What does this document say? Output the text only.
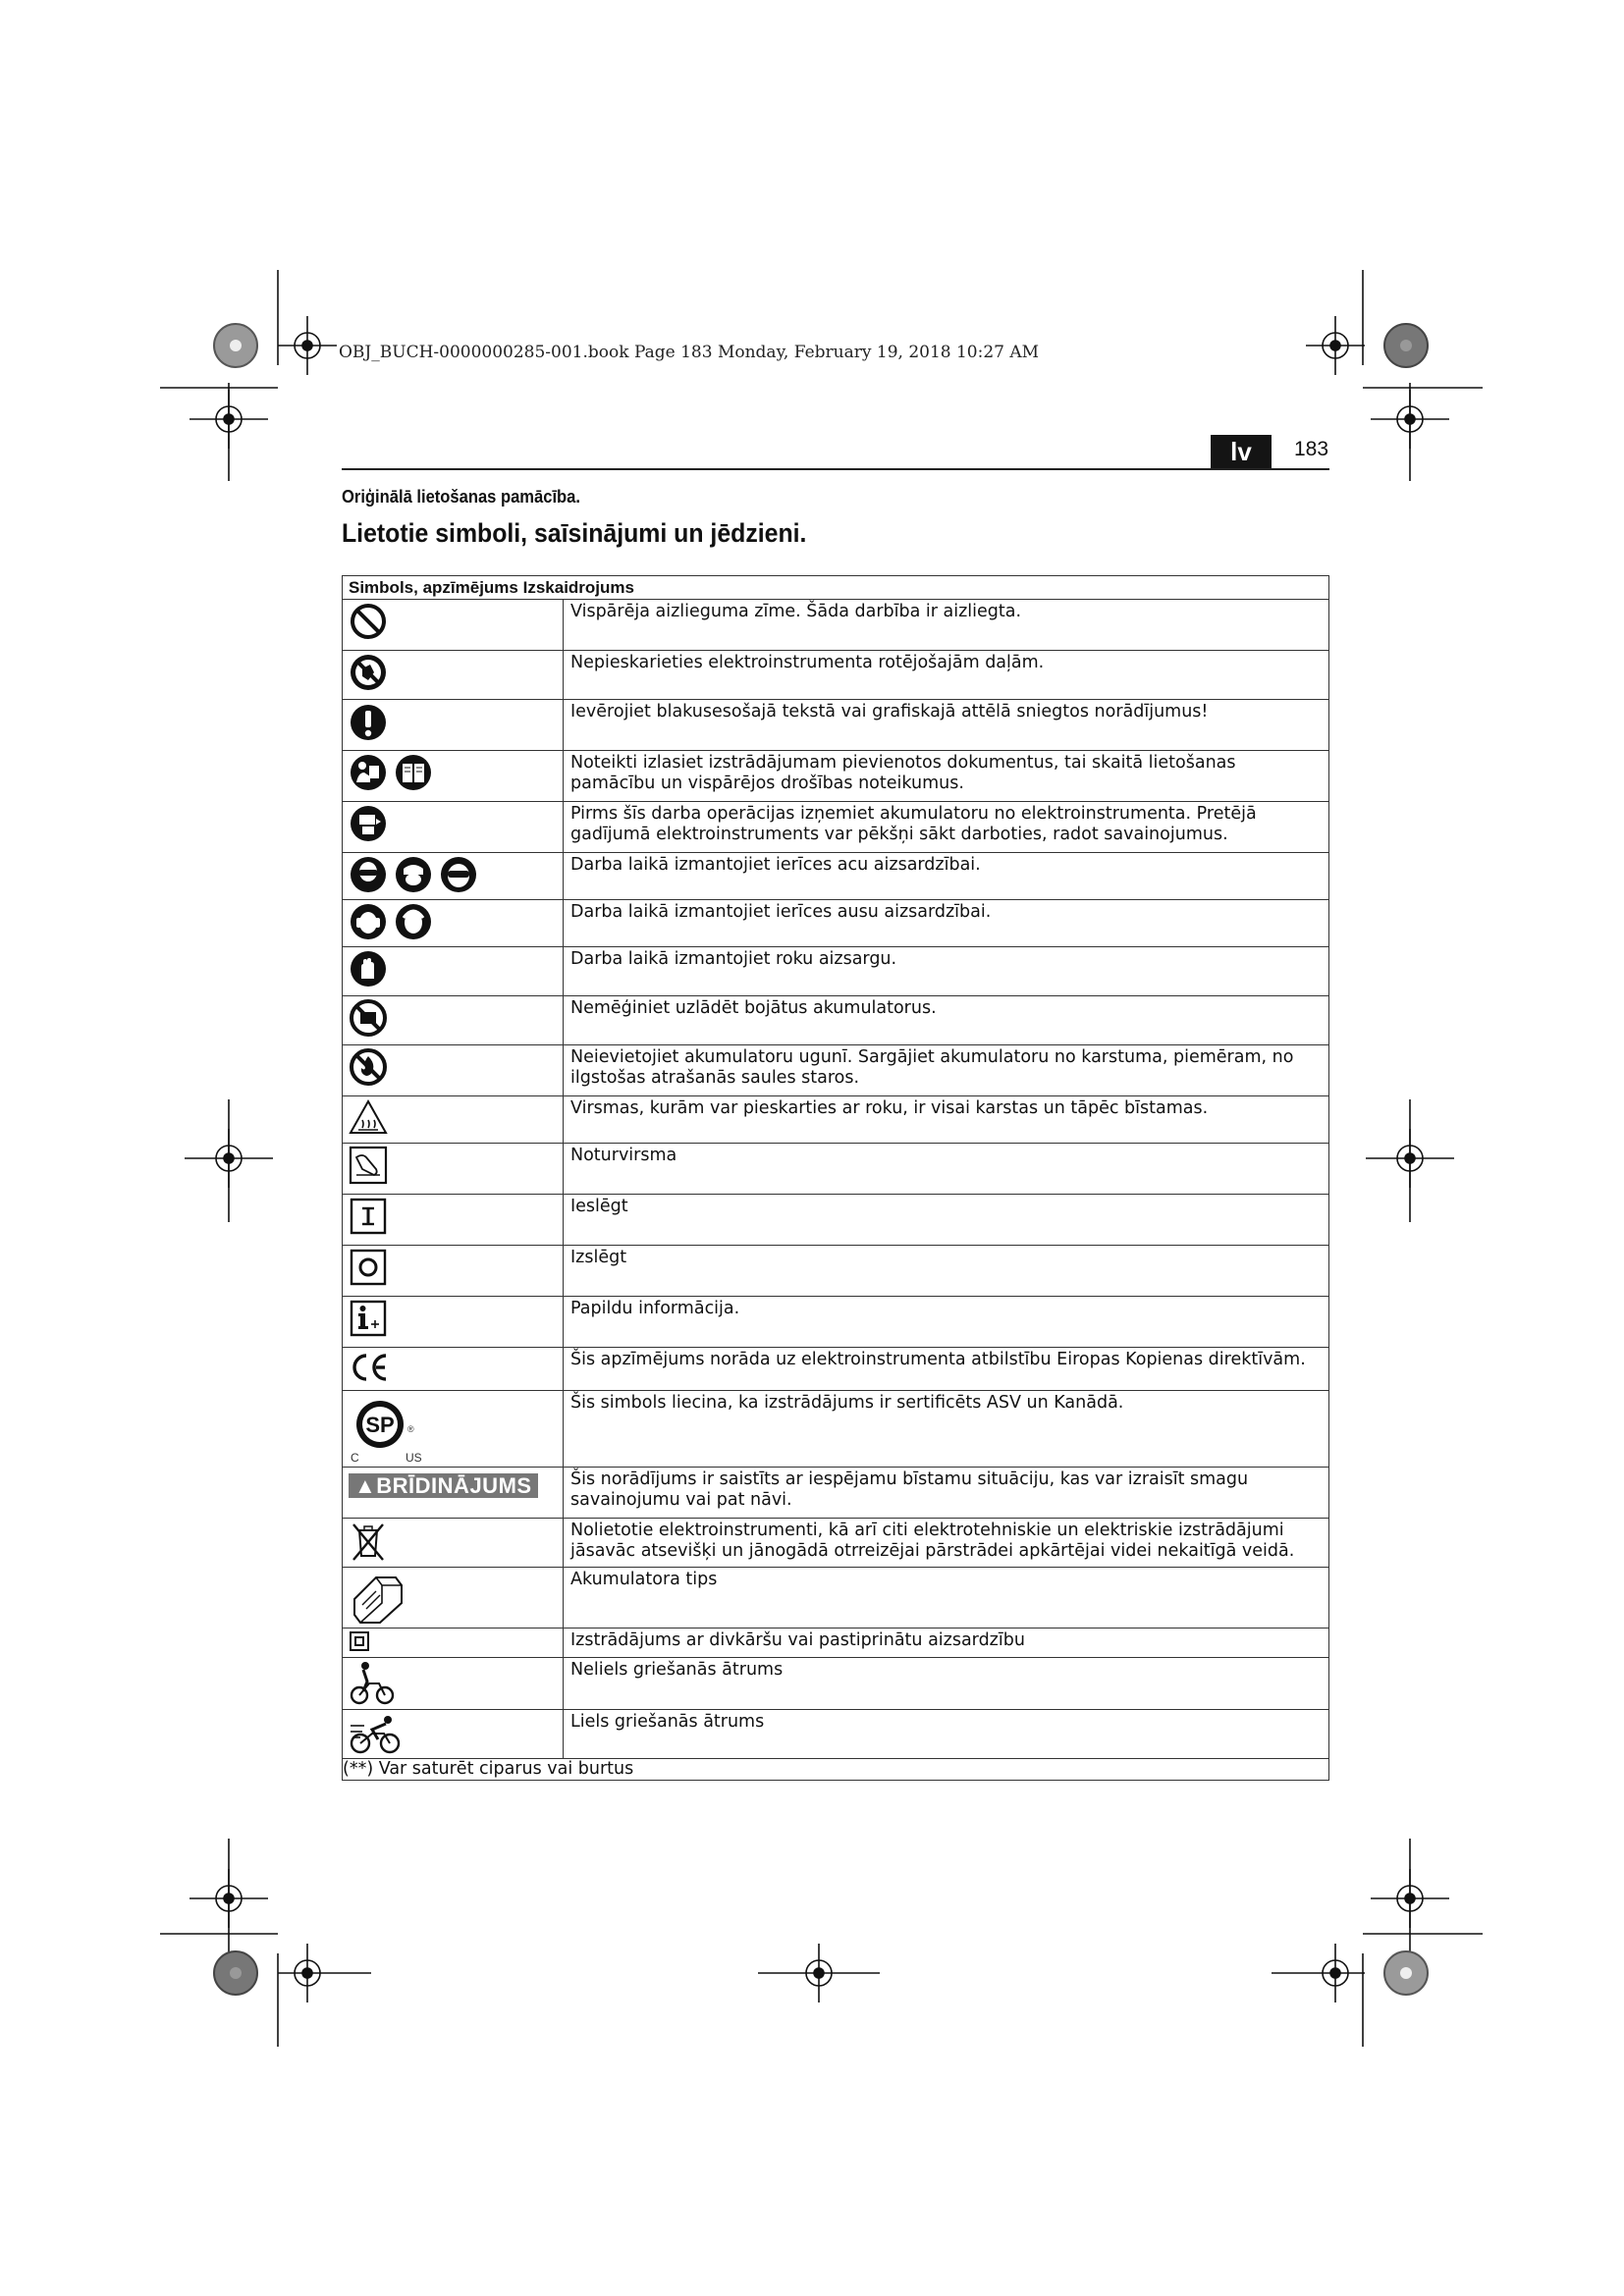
OBJ_BUCH-0000000285-001.book Page 183 Monday, February 19, 2018 10:27 AM
lv	183
Oriģinālā lietošanas pamācība.
Lietotie simboli, saīsinājumi un jēdzieni.
Simbols, apzīmējums Izskaidrojums	

	Vispārēja aizlieguma zīme. Šāda darbība ir aizliegta.

	Nepieskarieties elektroinstrumenta rotējošajām daļām.

	Ievērojiet blakusesošajā tekstā vai grafiskajā attēlā sniegtos norādījumus!

	Noteikti izlasiet izstrādājumam pievienotos dokumentus, tai skaitā lietošanas pamācību un vispārējos drošības noteikumus.

	Pirms šīs darba operācijas izņemiet akumulatoru no elektroinstrumenta. Pretējā gadījumā elektroinstruments var pēkšņi sākt darboties, radot savainojumus.

	Darba laikā izmantojiet ierīces acu aizsardzībai.

	Darba laikā izmantojiet ierīces ausu aizsardzībai.

	Darba laikā izmantojiet roku aizsargu.

	Nemēģiniet uzlādēt bojātus akumulatorus.

	Neievietojiet akumulatoru ugunī. Sargājiet akumulatoru no karstuma, piemēram, no ilgstošas atrašanās saules staros.

	Virsmas, kurām var pieskarties ar roku, ir visai karstas un tāpēc bīstamas.

	Noturvirsma

	Ieslēgt

	Izslēgt

	Papildu informācija.

	Šis apzīmējums norāda uz elektroinstrumenta atbilstību Eiropas Kopienas direktīvām.

SP ®
C US	Šis simbols liecina, ka izstrādājums ir sertificēts ASV un Kanādā.
▲BRĪDINĀJUMS	Šis norādījums ir saistīts ar iespējamu bīstamu situāciju, kas var izraisīt smagu savainojumu vai pat nāvi.

	Nolietotie elektroinstrumenti, kā arī citi elektrotehniskie un elektriskie izstrādājumi jāsavāc atsevišķi un jānogādā otrreizējai pārstrādei apkārtējai videi nekaitīgā veidā.

	Akumulatora tips

	Izstrādājums ar divkāršu vai pastiprinātu aizsardzību

	Neliels griešanās ātrums

	Liels griešanās ātrums
(**) Var saturēt ciparus vai burtus	
